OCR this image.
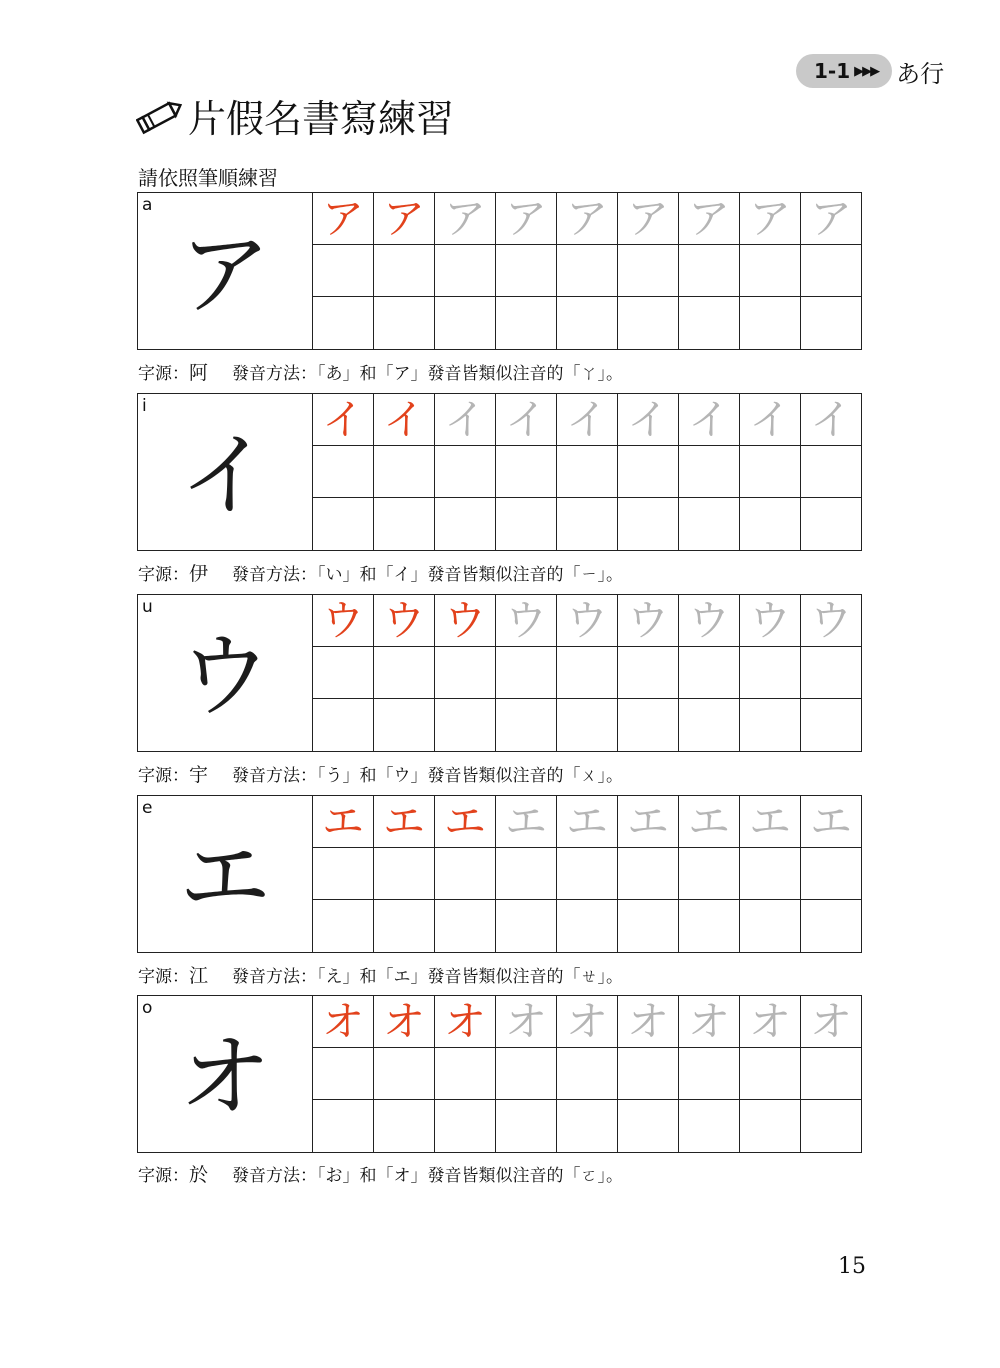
1-1 ▶▶▶ あ行
片假名書寫練習
請依照筆順練習
a
ア
ア ア ア ア ア ア ア ア ア
字源：阿 發音方法：「あ」和「ア」發音皆類似注音的「ㄚ」。
i
イ
イ イ イ イ イ イ イ イ イ
字源：伊 發音方法：「い」和「イ」發音皆類似注音的「ㄧ」。
u
ウ
ウ ウ ウ ウ ウ ウ ウ ウ ウ
字源：宇 發音方法：「う」和「ウ」發音皆類似注音的「ㄨ」。
e
エ
エ エ エ エ エ エ エ エ エ
字源：江 發音方法：「え」和「エ」發音皆類似注音的「ㄝ」。
o
オ
オ オ オ オ オ オ オ オ オ
字源：於 發音方法：「お」和「オ」發音皆類似注音的「ㄛ」。
15
